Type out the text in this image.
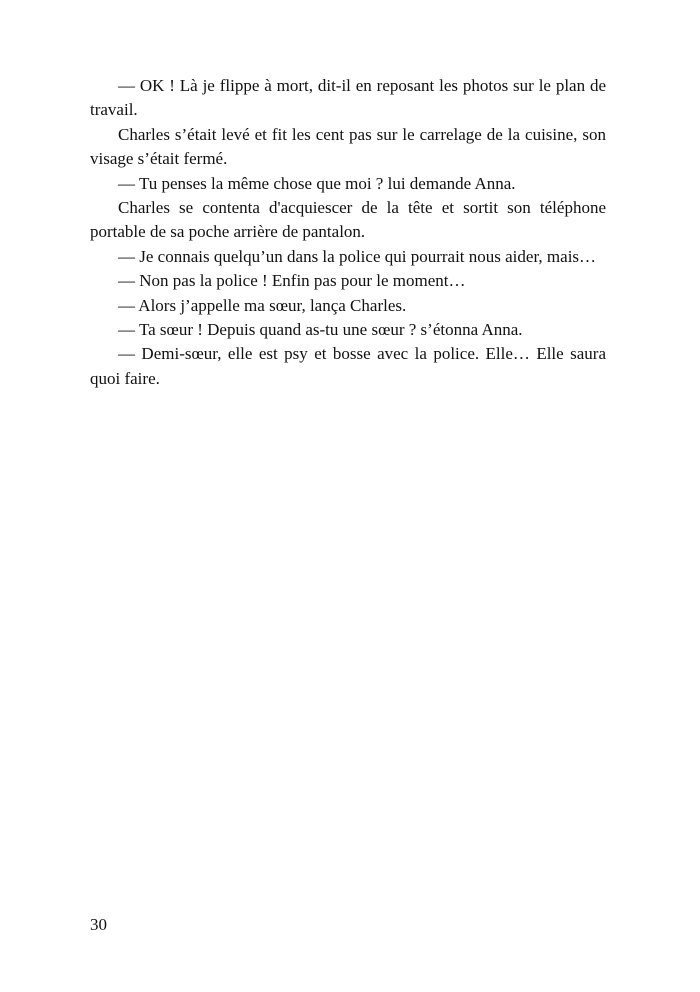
— OK ! Là je flippe à mort, dit-il en reposant les photos sur le plan de travail.

Charles s’était levé et fit les cent pas sur le carrelage de la cuisine, son visage s’était fermé.

— Tu penses la même chose que moi ? lui demande Anna.

Charles se contenta d'acquiescer de la tête et sortit son téléphone portable de sa poche arrière de pantalon.

— Je connais quelqu’un dans la police qui pourrait nous aider, mais…

— Non pas la police ! Enfin pas pour le moment…

— Alors j’appelle ma sœur, lança Charles.

— Ta sœur ! Depuis quand as-tu une sœur ? s’étonna Anna.

— Demi-sœur, elle est psy et bosse avec la police. Elle… Elle saura quoi faire.

30
